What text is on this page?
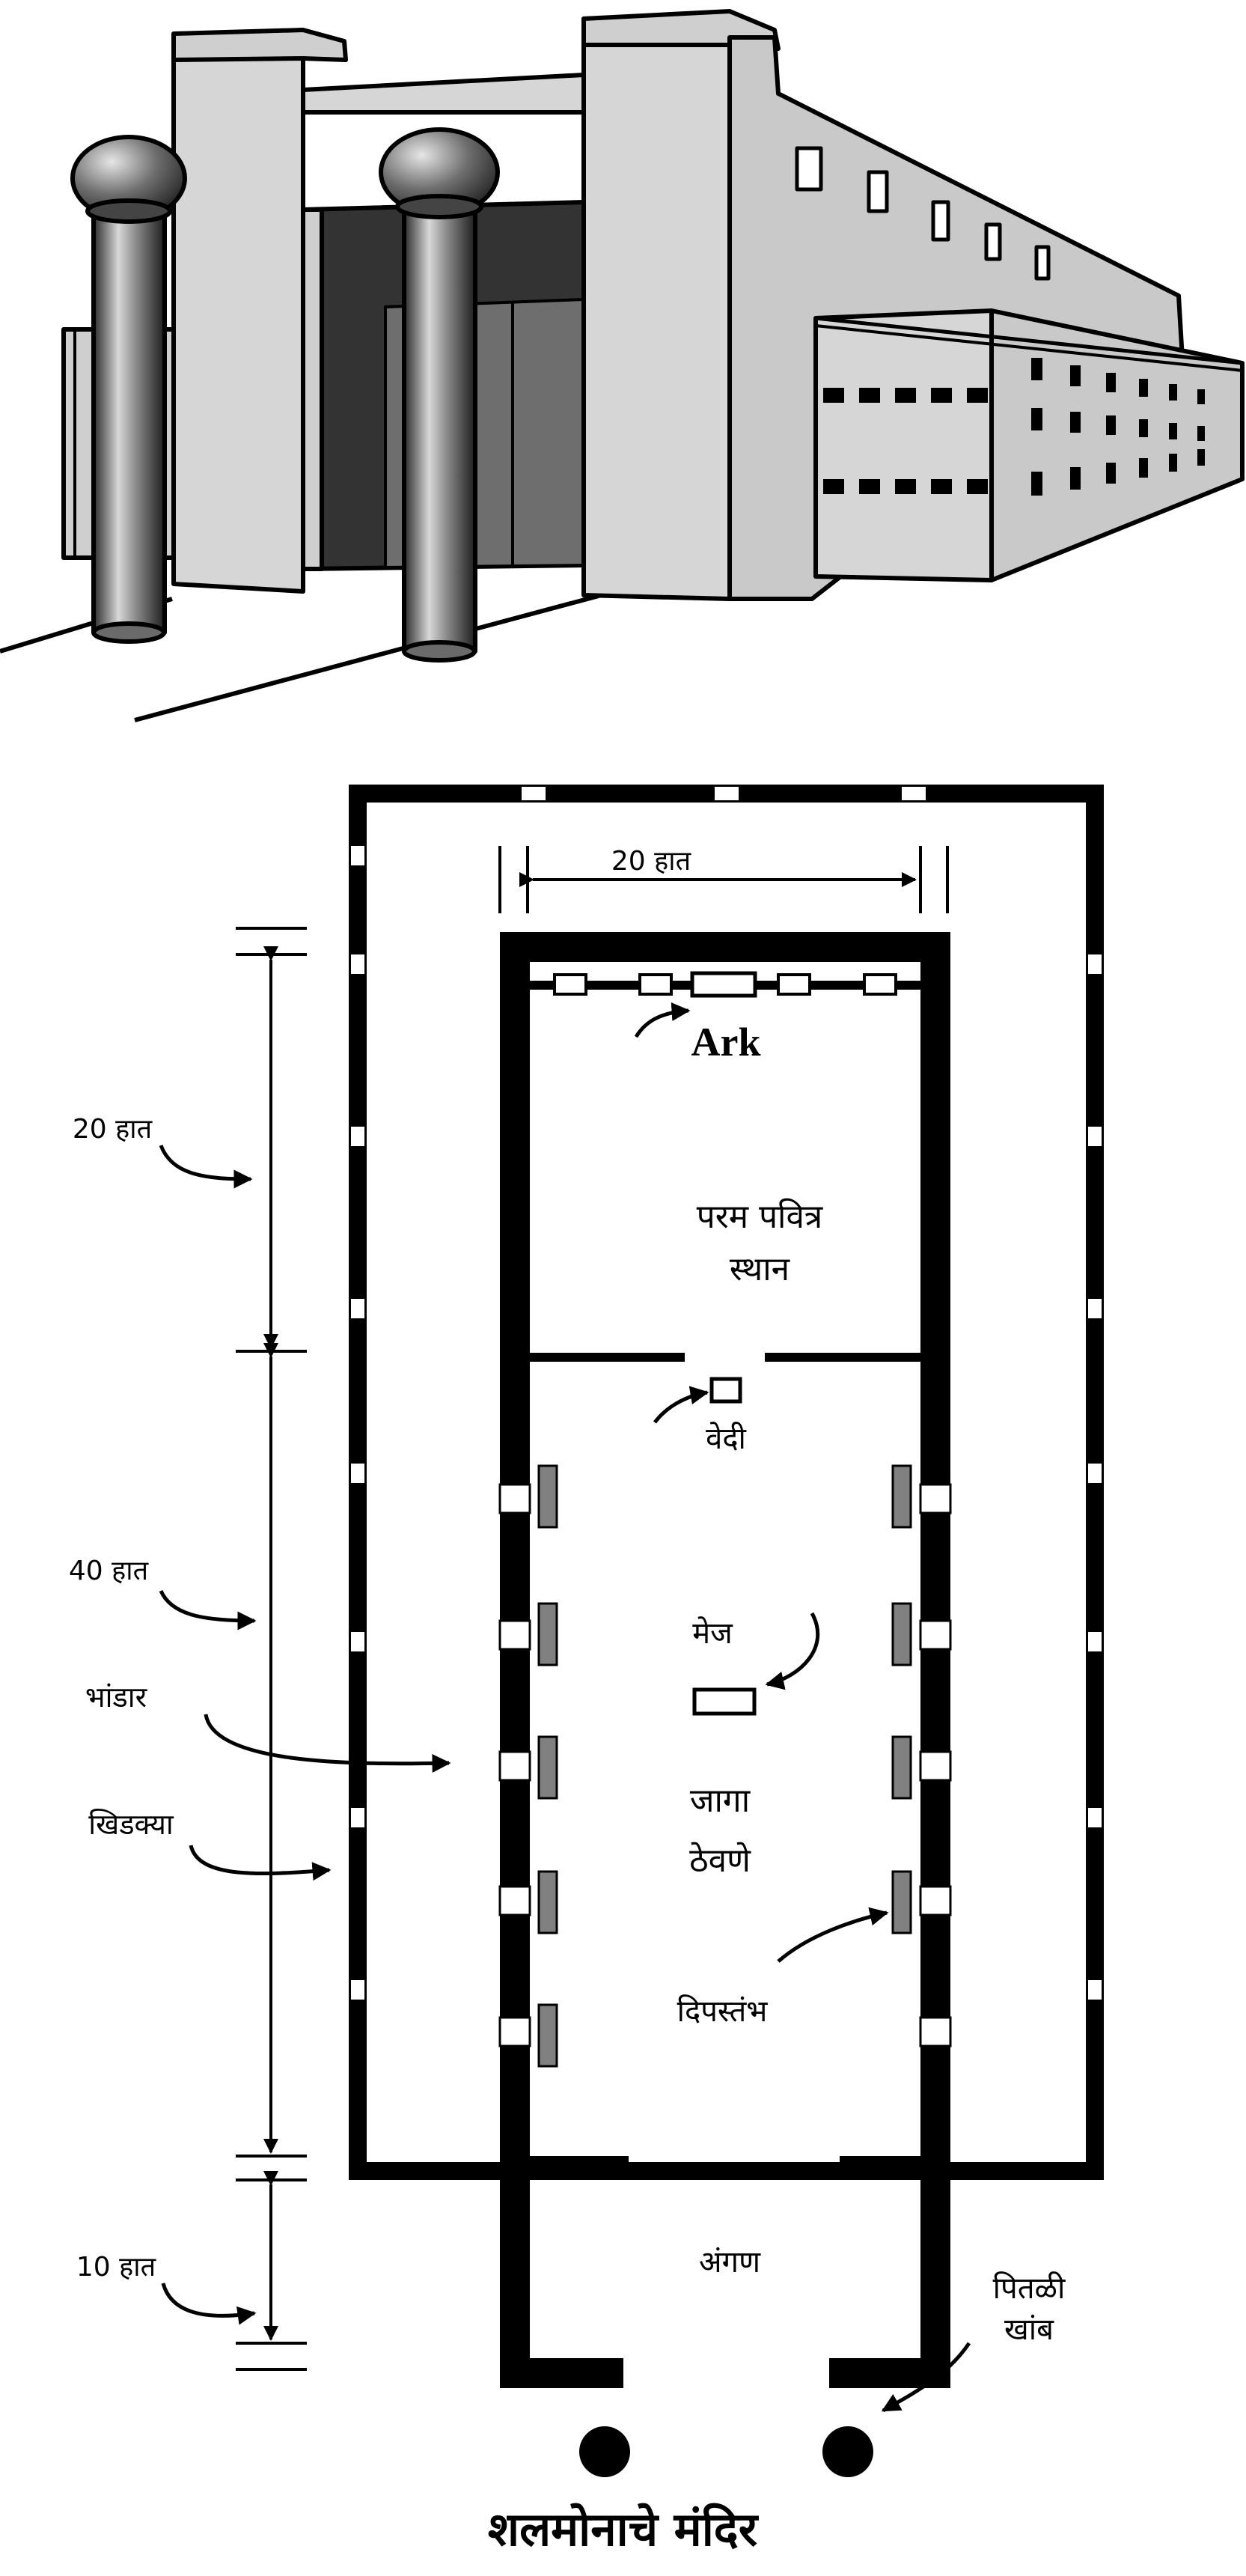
20 हात
20 हात
40 हात
भांडार
खिडक्या
10 हात
Ark
परम पवित्र
स्थान
वेदी
मेज
जागा
ठेवणे
दिपस्तंभ
अंगण
पितळी
खांब
शलमोनाचे मंदिर
